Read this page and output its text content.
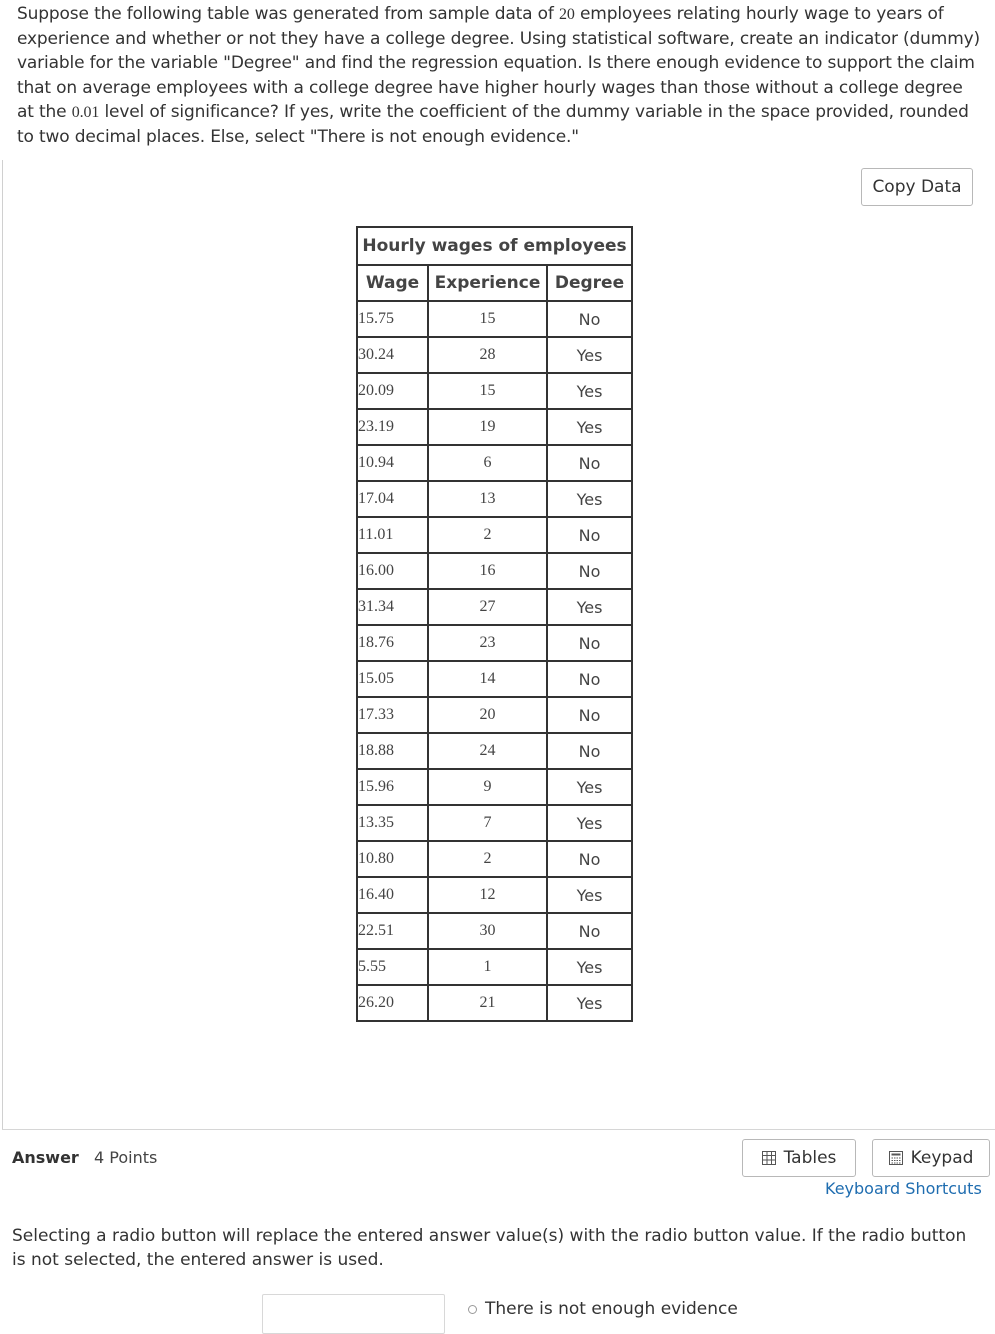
Suppose the following table was generated from sample data of 20 employees relating hourly wage to years of experience and whether or not they have a college degree. Using statistical software, create an indicator (dummy) variable for the variable "Degree" and find the regression equation. Is there enough evidence to support the claim that on average employees with a college degree have higher hourly wages than those without a college degree at the 0.01 level of significance? If yes, write the coefficient of the dummy variable in the space provided, rounded to two decimal places. Else, select "There is not enough evidence."
Copy Data
Hourly wages of employees		
Wage	Experience	Degree
15.75	15	No
30.24	28	Yes
20.09	15	Yes
23.19	19	Yes
10.94	6	No
17.04	13	Yes
11.01	2	No
16.00	16	No
31.34	27	Yes
18.76	23	No
15.05	14	No
17.33	20	No
18.88	24	No
15.96	9	Yes
13.35	7	Yes
10.80	2	No
16.40	12	Yes
22.51	30	No
5.55	1	Yes
26.20	21	Yes
Answer 4 Points	Tables	Keypad
Keyboard Shortcuts
Selecting a radio button will replace the entered answer value(s) with the radio button value. If the radio button is not selected, the entered answer is used.
There is not enough evidence
